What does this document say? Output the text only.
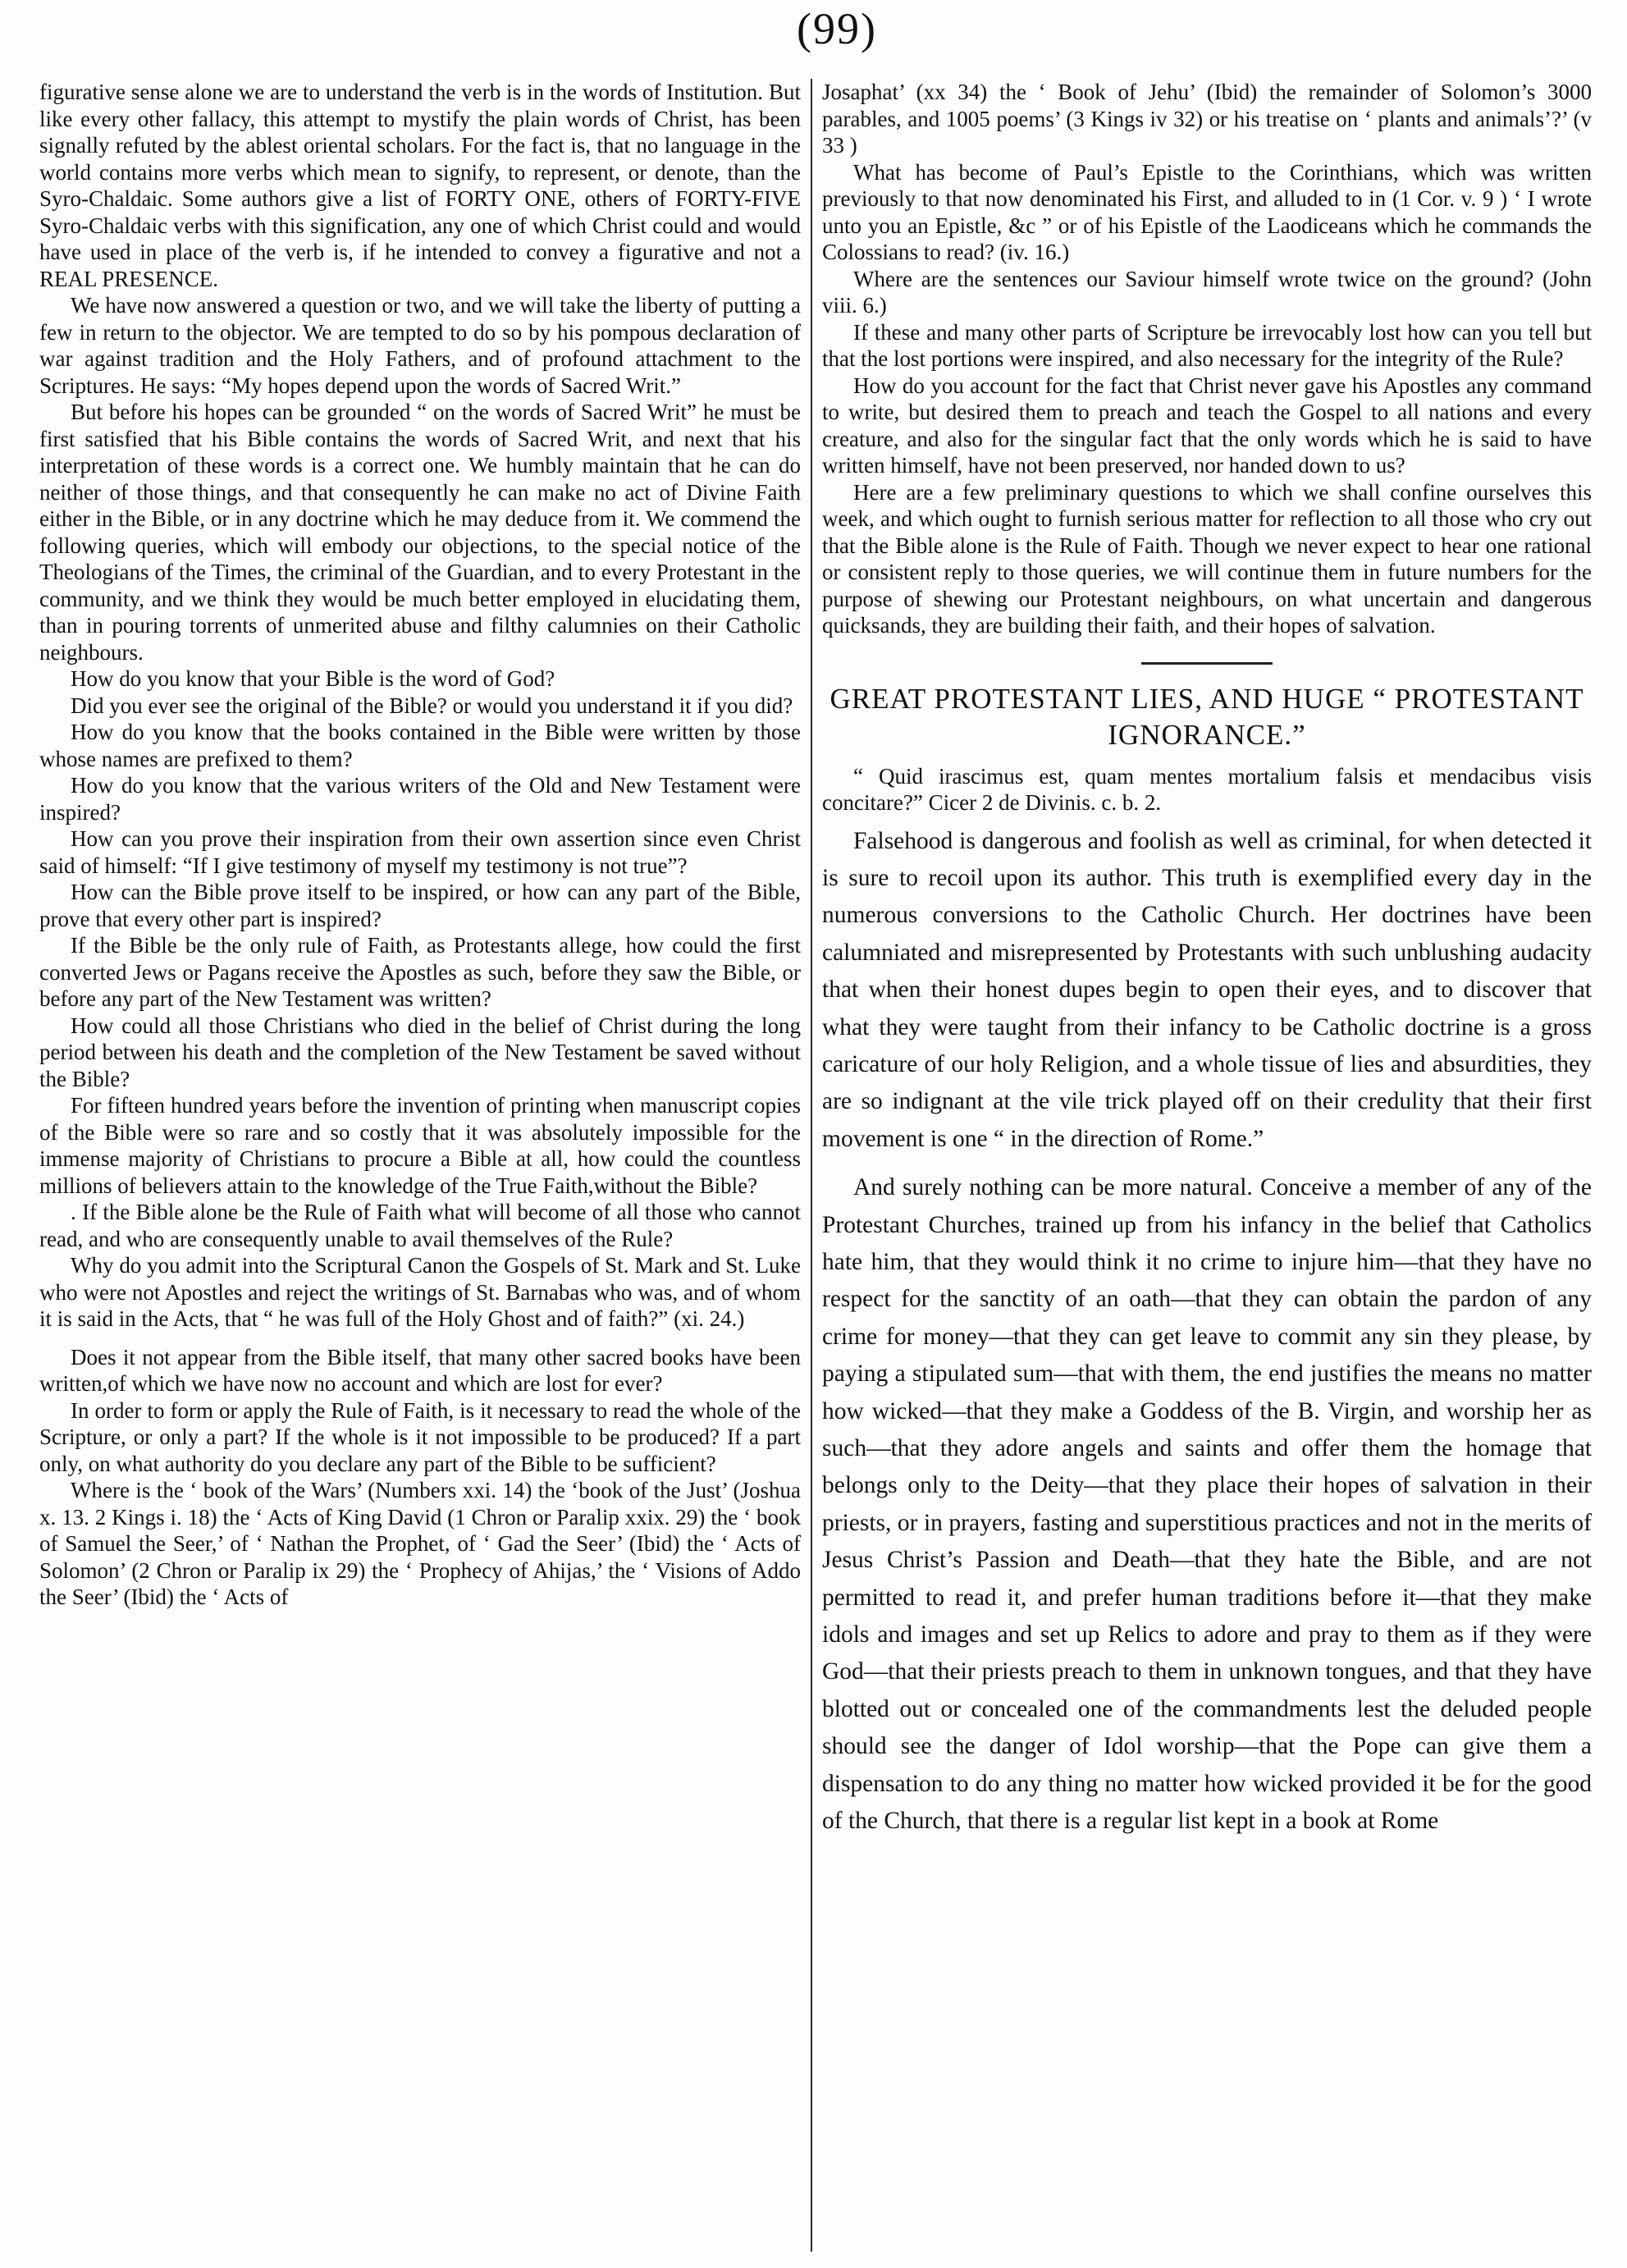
(99)

figurative sense alone we are to understand the verb is in the words of Institution. But like every other fallacy, this attempt to mystify the plain words of Christ, has been signally refuted by the ablest oriental scholars. For the fact is, that no language in the world contains more verbs which mean to signify, to represent, or denote, than the Syro-Chaldaic. Some authors give a list of FORTY ONE, others of FORTY-FIVE Syro-Chaldaic verbs with this signification, any one of which Christ could and would have used in place of the verb is, if he intended to convey a figurative and not a REAL PRESENCE.

We have now answered a question or two, and we will take the liberty of putting a few in return to the objector. We are tempted to do so by his pompous declaration of war against tradition and the Holy Fathers, and of profound attachment to the Scriptures. He says: “My hopes depend upon the words of Sacred Writ.”

But before his hopes can be grounded “ on the words of Sacred Writ” he must be first satisfied that his Bible contains the words of Sacred Writ, and next that his interpretation of these words is a correct one. We humbly maintain that he can do neither of those things, and that consequently he can make no act of Divine Faith either in the Bible, or in any doctrine which he may deduce from it. We commend the following queries, which will embody our objections, to the special notice of the Theologians of the Times, the criminal of the Guardian, and to every Protestant in the community, and we think they would be much better employed in elucidating them, than in pouring torrents of unmerited abuse and filthy calumnies on their Catholic neighbours.

How do you know that your Bible is the word of God?

Did you ever see the original of the Bible? or would you understand it if you did?

How do you know that the books contained in the Bible were written by those whose names are prefixed to them?

How do you know that the various writers of the Old and New Testament were inspired?

How can you prove their inspiration from their own assertion since even Christ said of himself: “If I give testimony of myself my testimony is not true”?

How can the Bible prove itself to be inspired, or how can any part of the Bible, prove that every other part is inspired?

If the Bible be the only rule of Faith, as Protestants allege, how could the first converted Jews or Pagans receive the Apostles as such, before they saw the Bible, or before any part of the New Testament was written?

How could all those Christians who died in the belief of Christ during the long period between his death and the completion of the New Testament be saved without the Bible?

For fifteen hundred years before the invention of printing when manuscript copies of the Bible were so rare and so costly that it was absolutely impossible for the immense majority of Christians to procure a Bible at all, how could the countless millions of believers attain to the knowledge of the True Faith,without the Bible?

. If the Bible alone be the Rule of Faith what will become of all those who cannot read, and who are consequently unable to avail themselves of the Rule?

Why do you admit into the Scriptural Canon the Gospels of St. Mark and St. Luke who were not Apostles and reject the writings of St. Barnabas who was, and of whom it is said in the Acts, that “ he was full of the Holy Ghost and of faith?” (xi. 24.)

Does it not appear from the Bible itself, that many other sacred books have been written,of which we have now no account and which are lost for ever?

In order to form or apply the Rule of Faith, is it necessary to read the whole of the Scripture, or only a part? If the whole is it not impossible to be produced? If a part only, on what authority do you declare any part of the Bible to be sufficient?

Where is the ‘ book of the Wars’ (Numbers xxi. 14) the ‘book of the Just’ (Joshua x. 13. 2 Kings i. 18) the ‘ Acts of King David (1 Chron or Paralip xxix. 29) the ‘ book of Samuel the Seer,’ of ‘ Nathan the Prophet, of ‘ Gad the Seer’ (Ibid) the ‘ Acts of Solomon’ (2 Chron or Paralip ix 29) the ‘ Prophecy of Ahijas,’ the ‘ Visions of Addo the Seer’ (Ibid) the ‘ Acts of

Josaphat’ (xx 34) the ‘ Book of Jehu’ (Ibid) the remainder of Solomon’s 3000 parables, and 1005 poems’ (3 Kings iv 32) or his treatise on ‘ plants and animals’?’ (v 33 )

What has become of Paul’s Epistle to the Corinthians, which was written previously to that now denominated his First, and alluded to in (1 Cor. v. 9 ) ‘ I wrote unto you an Epistle, &c ” or of his Epistle of the Laodiceans which he commands the Colossians to read? (iv. 16.)

Where are the sentences our Saviour himself wrote twice on the ground? (John viii. 6.)

If these and many other parts of Scripture be irrevocably lost how can you tell but that the lost portions were inspired, and also necessary for the integrity of the Rule?

How do you account for the fact that Christ never gave his Apostles any command to write, but desired them to preach and teach the Gospel to all nations and every creature, and also for the singular fact that the only words which he is said to have written himself, have not been preserved, nor handed down to us?

Here are a few preliminary questions to which we shall confine ourselves this week, and which ought to furnish serious matter for reflection to all those who cry out that the Bible alone is the Rule of Faith. Though we never expect to hear one rational or consistent reply to those queries, we will continue them in future numbers for the purpose of shewing our Protestant neighbours, on what uncertain and dangerous quicksands, they are building their faith, and their hopes of salvation.

GREAT PROTESTANT LIES, AND HUGE “ PROTESTANT IGNORANCE.”

“ Quid irascimus est, quam mentes mortalium falsis et mendacibus visis concitare?” Cicer 2 de Divinis. c. b. 2.

Falsehood is dangerous and foolish as well as criminal, for when detected it is sure to recoil upon its author. This truth is exemplified every day in the numerous conversions to the Catholic Church. Her doctrines have been calumniated and misrepresented by Protestants with such unblushing audacity that when their honest dupes begin to open their eyes, and to discover that what they were taught from their infancy to be Catholic doctrine is a gross caricature of our holy Religion, and a whole tissue of lies and absurdities, they are so indignant at the vile trick played off on their credulity that their first movement is one “ in the direction of Rome.”

And surely nothing can be more natural. Conceive a member of any of the Protestant Churches, trained up from his infancy in the belief that Catholics hate him, that they would think it no crime to injure him—that they have no respect for the sanctity of an oath—that they can obtain the pardon of any crime for money—that they can get leave to commit any sin they please, by paying a stipulated sum—that with them, the end justifies the means no matter how wicked—that they make a Goddess of the B. Virgin, and worship her as such—that they adore angels and saints and offer them the homage that belongs only to the Deity—that they place their hopes of salvation in their priests, or in prayers, fasting and superstitious practices and not in the merits of Jesus Christ’s Passion and Death—that they hate the Bible, and are not permitted to read it, and prefer human traditions before it—that they make idols and images and set up Relics to adore and pray to them as if they were God—that their priests preach to them in unknown tongues, and that they have blotted out or concealed one of the commandments lest the deluded people should see the danger of Idol worship—that the Pope can give them a dispensation to do any thing no matter how wicked provided it be for the good of the Church, that there is a regular list kept in a book at Rome
